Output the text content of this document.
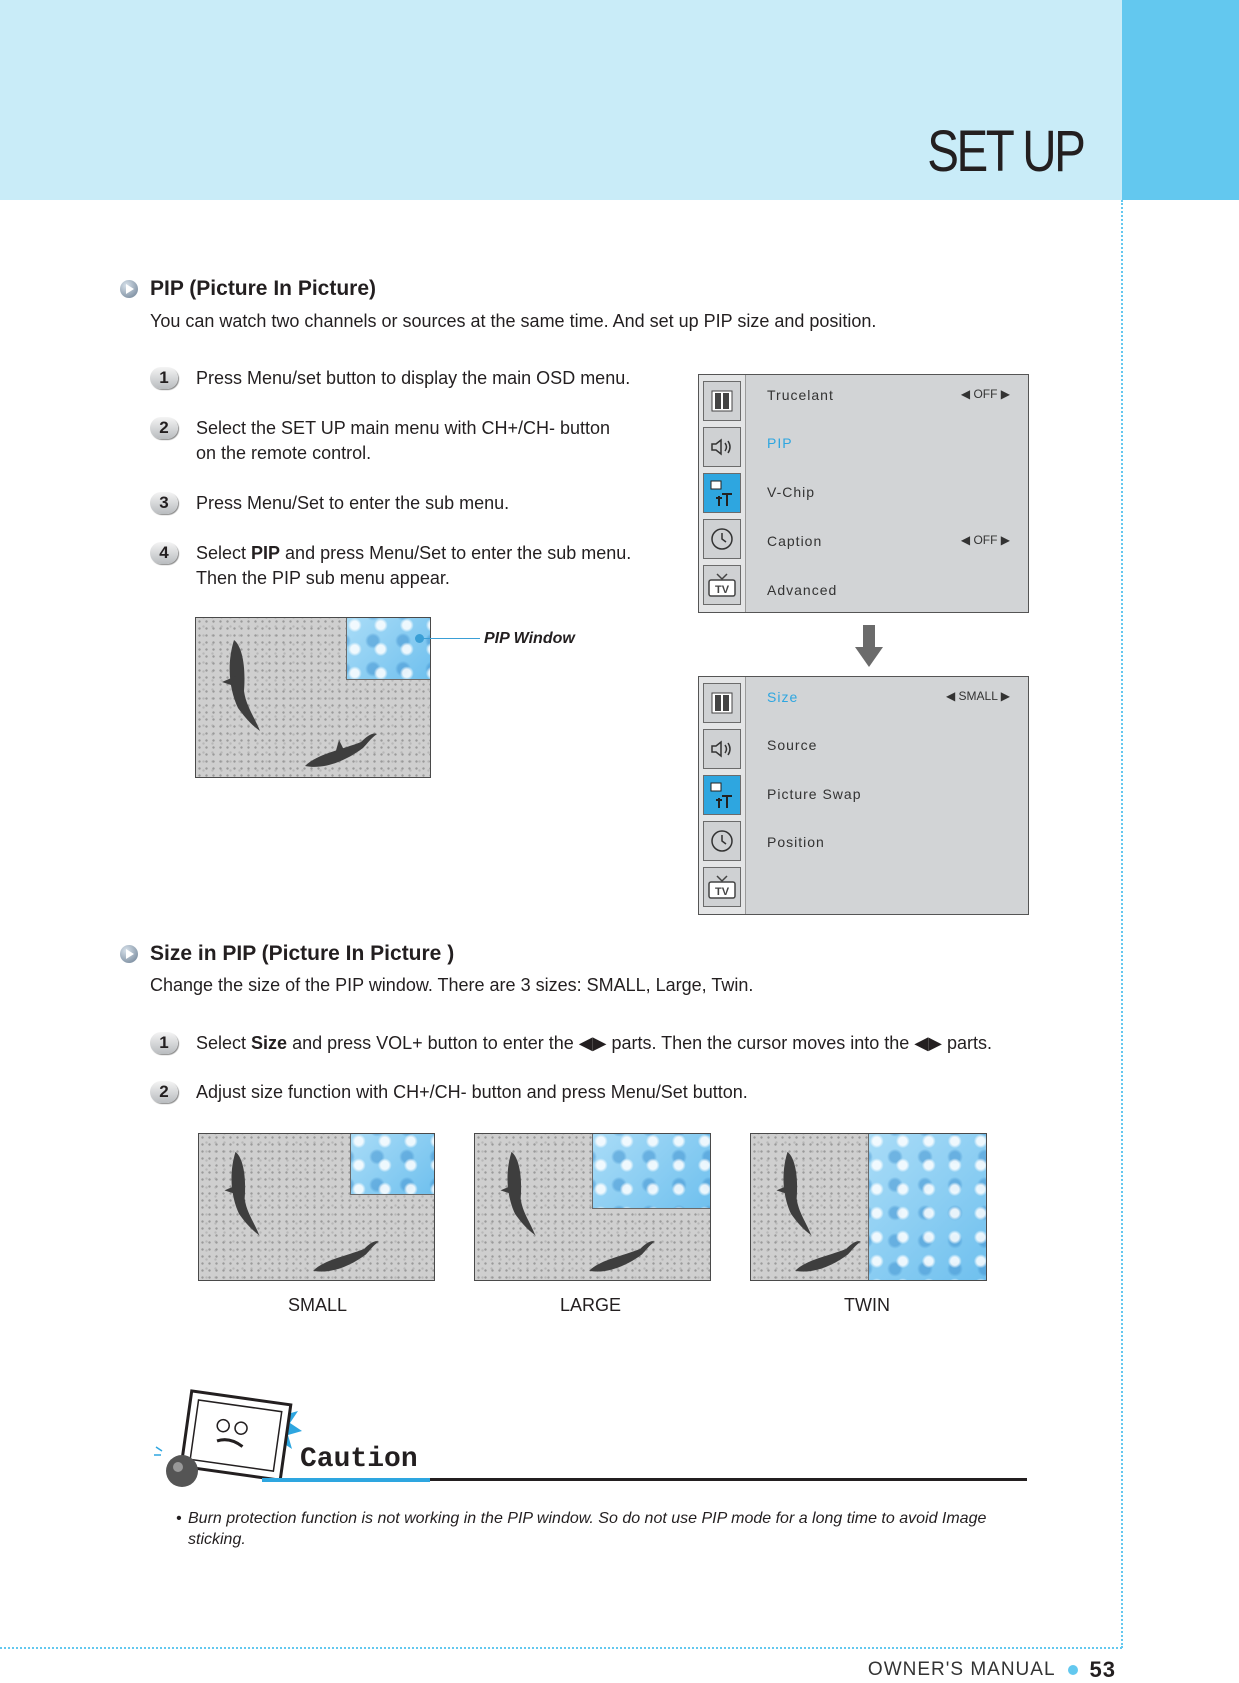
SET UP
PIP (Picture In Picture)
You can watch two channels or sources at the same time. And set up PIP size and position.
1	Press Menu/set button to display the main OSD menu.
2	Select the SET UP main menu with CH+/CH- button
on the remote control.
3	Press Menu/Set to enter the sub menu.
4	Select PIP and press Menu/Set to enter the sub menu.
Then the PIP sub menu appear.
PIP Window
TV
Trucelant	◀ OFF ▶
PIP
V-Chip
Caption	◀ OFF ▶
Advanced
TV
Size	◀ SMALL ▶
Source
Picture Swap
Position
Size in PIP (Picture In Picture )
Change the size of the PIP window. There are 3 sizes: SMALL, Large, Twin.
1	Select Size and press VOL+ button to enter the ◀▶ parts. Then the cursor moves into the ◀▶ parts.
2	Adjust size function with CH+/CH- button and press Menu/Set button.
SMALL	LARGE	TWIN
Caution
• Burn protection function is not working in the PIP window. So do not use PIP mode for a long time to avoid Image sticking.
OWNER'S MANUAL 53
